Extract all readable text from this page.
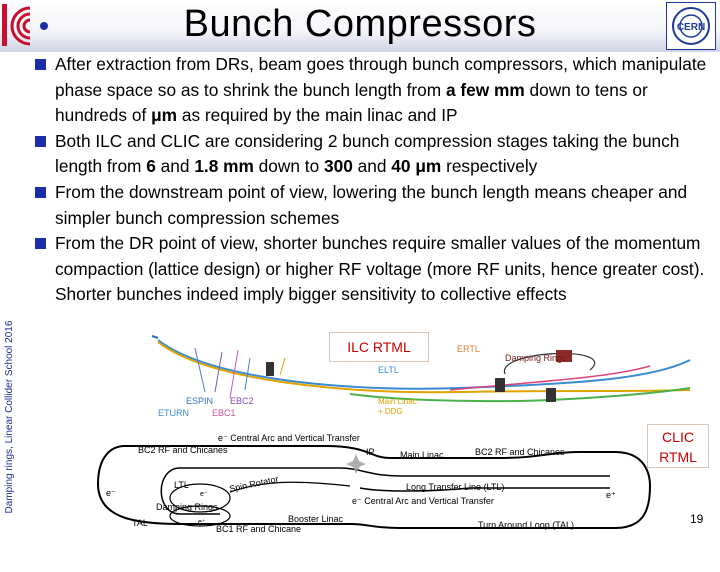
Bunch Compressors	CERN
Damping rings, Linear Collider School 2016
After extraction from DRs, beam goes through bunch compressors, which manipulate phase space so as to shrink the bunch length from a few mm down to tens or hundreds of μm as required by the main linac and IP
Both ILC and CLIC are considering 2 bunch compression stages taking the bunch length from 6 and 1.8 mm down to 300 and 40 μm respectively
From the downstream point of view, lowering the bunch length means cheaper and simpler bunch compression schemes
From the DR point of view, shorter bunches require smaller values of the momentum compaction (lattice design) or higher RF voltage (more RF units, hence greater cost). Shorter bunches indeed imply bigger sensitivity to collective effects
ERTL
Damping Rings
ELTL
ESPIN EBC2
ETURN	EBC1
Main Linac
+ DDG
ILC RTML
BC2 RF and Chicanes
e⁻ Central Arc and Vertical Transfer
IP	Main Linac	BC2 RF and Chicanes
e⁻
LTL	Spin Rotator
e⁻
Damping Rings
Long Transfer Line (LTL)
e⁻ Central Arc and Vertical Transfer
e⁺
TAL	e⁺	Booster Linac
BC1 RF and Chicane	Turn Around Loop (TAL)
CLIC
RTML
19
